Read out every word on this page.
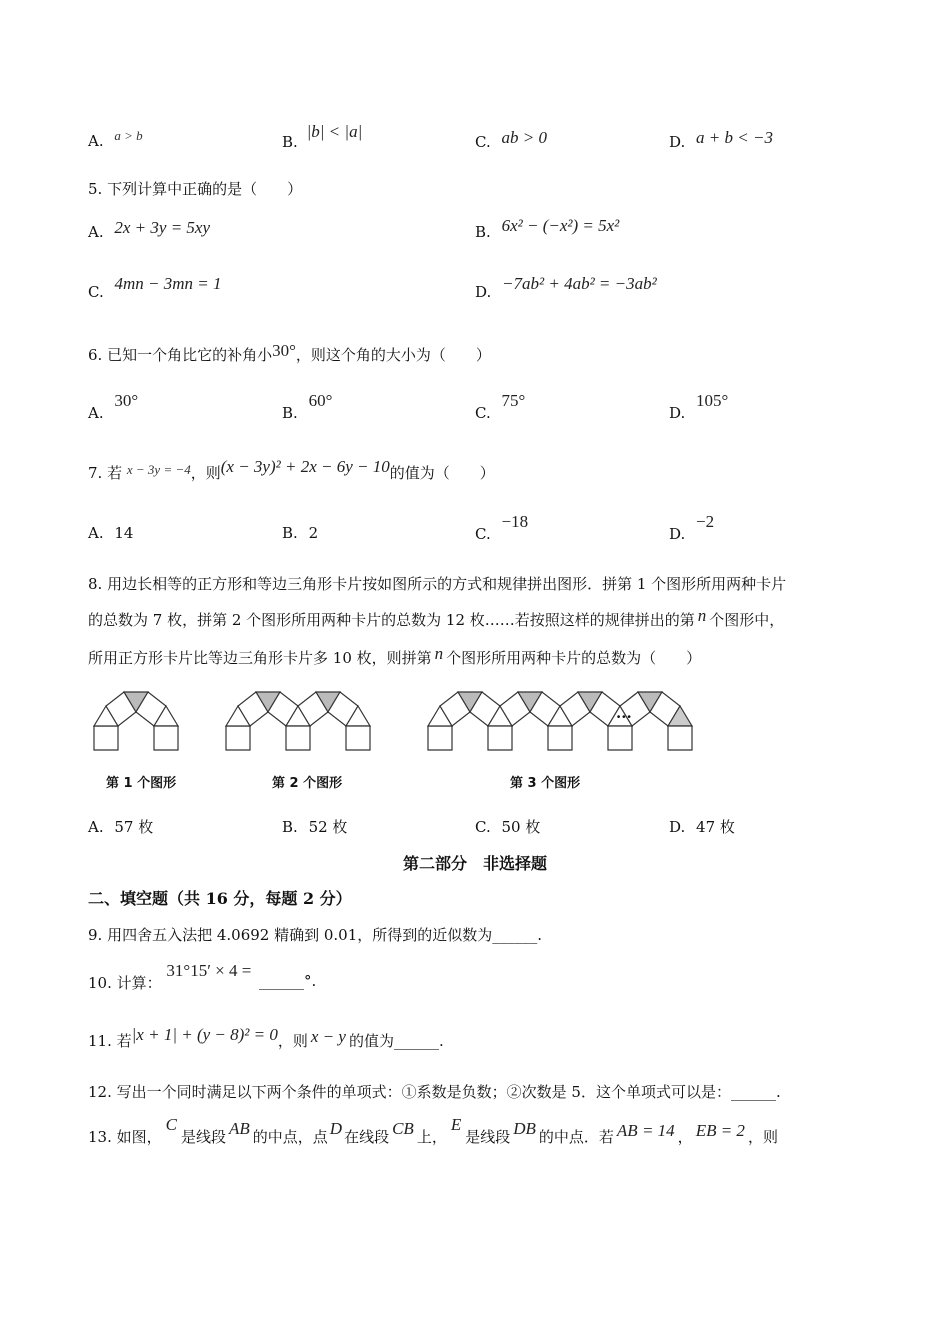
A. a > b	B. |b| < |a|
C. ab > 0	D. a + b < −3
5. 下列计算中正确的是（　　）
A. 2x + 3y = 5xy	B. 6x² − (−x²) = 5x²
C. 4mn − 3mn = 1	D. −7ab² + 4ab² = −3ab²
6. 已知一个角比它的补角小30°，则这个角的大小为（　　）
A. 30°
B. 60°
C. 75°
D. 105°
7. 若 x − 3y = −4，则(x − 3y)² + 2x − 6y − 10的值为（　　）
A. 14	B. 2	C. −18
D. −2
8. 用边长相等的正方形和等边三角形卡片按如图所示的方式和规律拼出图形．拼第 1 个图形所用两种卡片
的总数为 7 枚，拼第 2 个图形所用两种卡片的总数为 12 枚……若按照这样的规律拼出的第 n 个图形中，
所用正方形卡片比等边三角形卡片多 10 枚，则拼第 n 个图形所用两种卡片的总数为（　　）
···
第 1 个图形	第 2 个图形	第 3 个图形
A. 57 枚	B. 52 枚	C. 50 枚	D. 47 枚
第二部分　非选择题
二、填空题（共 16 分，每题 2 分）
9. 用四舍五入法把 4.0692 精确到 0.01，所得到的近似数为______.
10. 计算： 31°15′ × 4 =
______°.
11. 若|x + 1| + (y − 8)² = 0，则 x − y 的值为______.
12. 写出一个同时满足以下两个条件的单项式：①系数是负数；②次数是 5．这个单项式可以是：______.
13. 如图，C是线段 AB 的中点，点 D 在线段 CB 上，E是线段 DB 的中点．若 AB = 14 ， EB = 2 ，则
